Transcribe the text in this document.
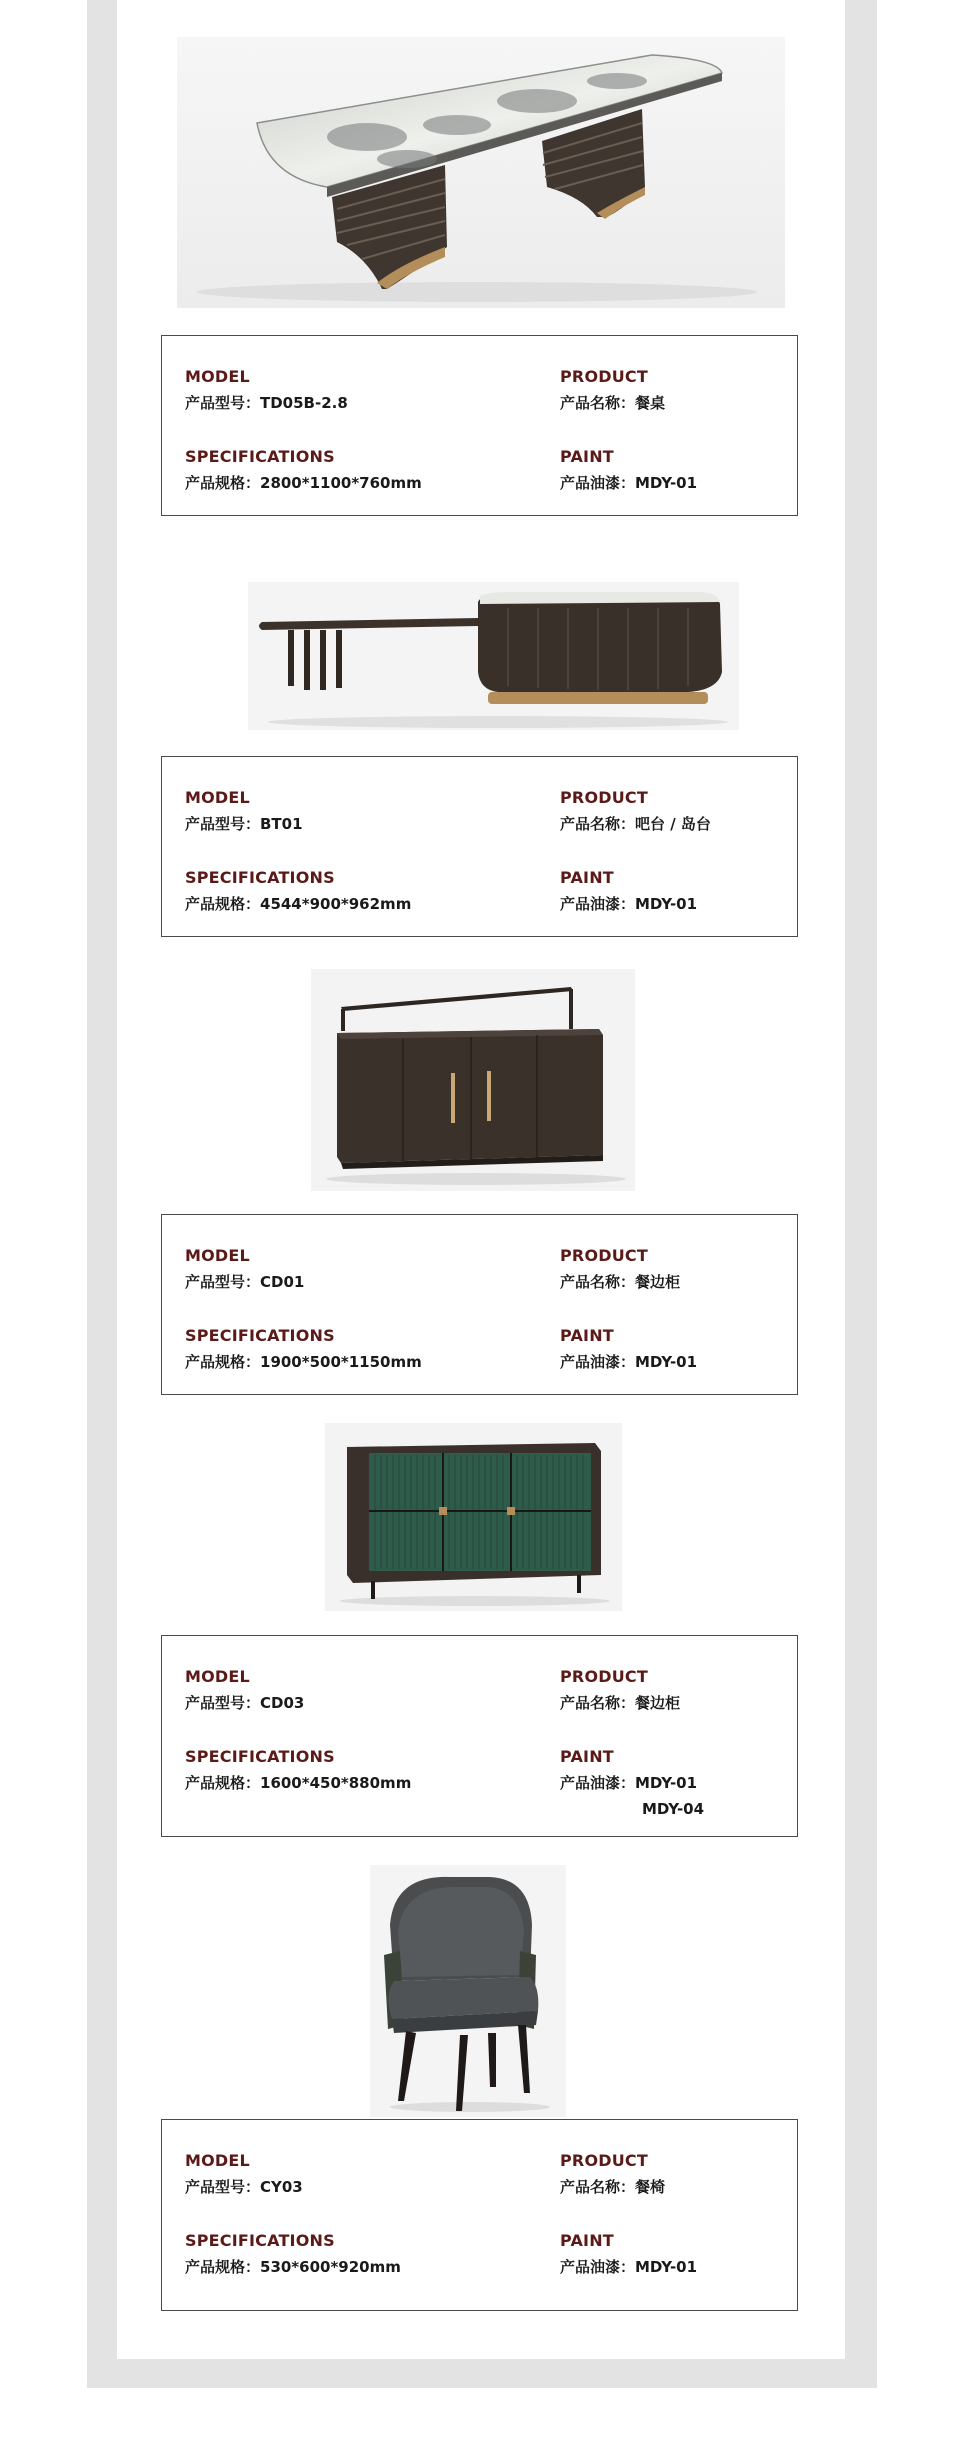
MODEL
产品型号：TD05B-2.8
PRODUCT
产品名称：餐桌
SPECIFICATIONS
产品规格：2800*1100*760mm
PAINT
产品油漆：MDY-01
MODEL
产品型号：BT01
PRODUCT
产品名称：吧台 / 岛台
SPECIFICATIONS
产品规格：4544*900*962mm
PAINT
产品油漆：MDY-01
MODEL
产品型号：CD01
PRODUCT
产品名称：餐边柜
SPECIFICATIONS
产品规格：1900*500*1150mm
PAINT
产品油漆：MDY-01
MODEL
产品型号：CD03
PRODUCT
产品名称：餐边柜
SPECIFICATIONS
产品规格：1600*450*880mm
PAINT
产品油漆：MDY-01
MDY-04
MODEL
产品型号：CY03
PRODUCT
产品名称：餐椅
SPECIFICATIONS
产品规格：530*600*920mm
PAINT
产品油漆：MDY-01
